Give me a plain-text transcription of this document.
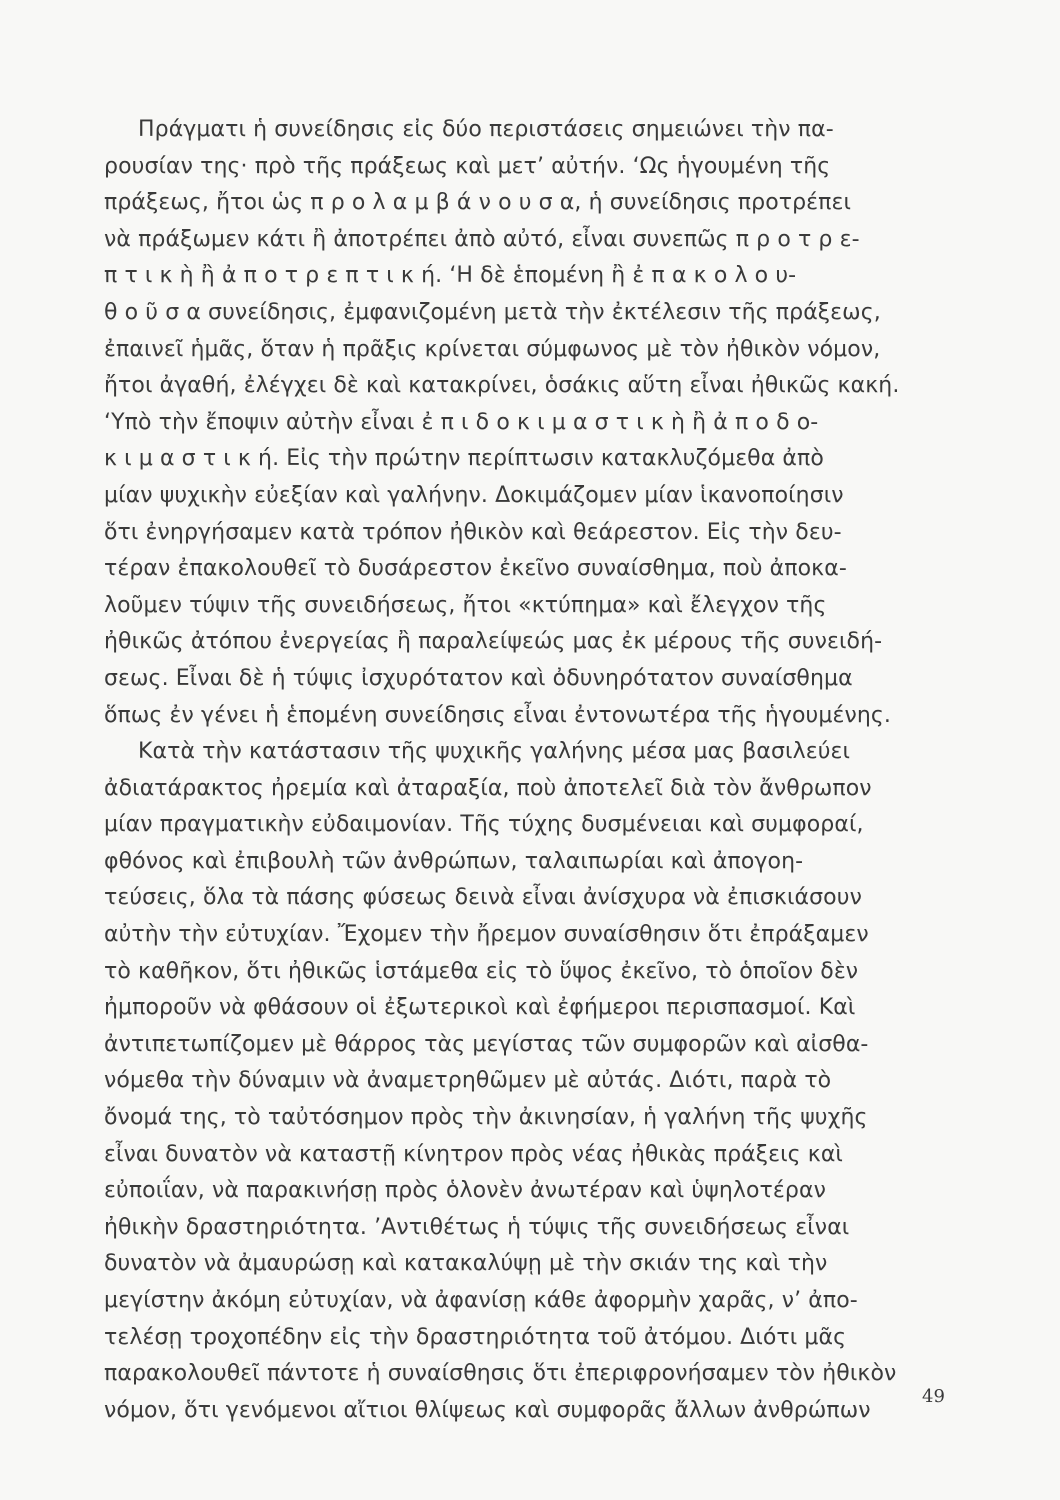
Πράγματι ἡ συνείδησις εἰς δύο περιστάσεις σημειώνει τὴν πα-
ρουσίαν της· πρὸ τῆς πράξεως καὶ μετ’ αὐτήν. ‘Ως ἡγουμένη τῆς
πράξεως, ἤτοι ὡς π ρ ο λ α μ β ά ν ο υ σ α, ἡ συνείδησις προτρέπει
νὰ πράξωμεν κάτι ἢ ἀποτρέπει ἀπὸ αὐτό, εἶναι συνεπῶς π ρ ο τ ρ ε-
π τ ι κ ὴ ἢ ἀ π ο τ ρ ε π τ ι κ ή. ‘Η δὲ ἑπομένη ἢ ἐ π α κ ο λ ο υ-
θ ο ῦ σ α συνείδησις, ἐμφανιζομένη μετὰ τὴν ἐκτέλεσιν τῆς πράξεως,
ἐπαινεῖ ἡμᾶς, ὅταν ἡ πρᾶξις κρίνεται σύμφωνος μὲ τὸν ἠθικὸν νόμον,
ἤτοι ἀγαθή, ἐλέγχει δὲ καὶ κατακρίνει, ὁσάκις αὕτη εἶναι ἠθικῶς κακή.
‘Υπὸ τὴν ἔποψιν αὐτὴν εἶναι ἐ π ι δ ο κ ι μ α σ τ ι κ ὴ ἢ ἀ π ο δ ο-
κ ι μ α σ τ ι κ ή. Εἰς τὴν πρώτην περίπτωσιν κατακλυζόμεθα ἀπὸ
μίαν ψυχικὴν εὐεξίαν καὶ γαλήνην. Δοκιμάζομεν μίαν ἱκανοποίησιν
ὅτι ἐνηργήσαμεν κατὰ τρόπον ἠθικὸν καὶ θεάρεστον. Εἰς τὴν δευ-
τέραν ἐπακολουθεῖ τὸ δυσάρεστον ἐκεῖνο συναίσθημα, ποὺ ἀποκα-
λοῦμεν τύψιν τῆς συνειδήσεως, ἤτοι «κτύπημα» καὶ ἔλεγχον τῆς
ἠθικῶς ἀτόπου ἐνεργείας ἢ παραλείψεώς μας ἐκ μέρους τῆς συνειδή-
σεως. Εἶναι δὲ ἡ τύψις ἰσχυρότατον καὶ ὀδυνηρότατον συναίσθημα
ὅπως ἐν γένει ἡ ἑπομένη συνείδησις εἶναι ἐντονωτέρα τῆς ἡγουμένης.
Κατὰ τὴν κατάστασιν τῆς ψυχικῆς γαλήνης μέσα μας βασιλεύει
ἀδιατάρακτος ἠρεμία καὶ ἀταραξία, ποὺ ἀποτελεῖ διὰ τὸν ἄνθρωπον
μίαν πραγματικὴν εὐδαιμονίαν. Τῆς τύχης δυσμένειαι καὶ συμφοραί,
φθόνος καὶ ἐπιβουλὴ τῶν ἀνθρώπων, ταλαιπωρίαι καὶ ἀπογοη-
τεύσεις, ὅλα τὰ πάσης φύσεως δεινὰ εἶναι ἀνίσχυρα νὰ ἐπισκιάσουν
αὐτὴν τὴν εὐτυχίαν. Ἔχομεν τὴν ἤρεμον συναίσθησιν ὅτι ἐπράξαμεν
τὸ καθῆκον, ὅτι ἠθικῶς ἱστάμεθα εἰς τὸ ὕψος ἐκεῖνο, τὸ ὁποῖον δὲν
ἠμποροῦν νὰ φθάσουν οἱ ἐξωτερικοὶ καὶ ἐφήμεροι περισπασμοί. Καὶ
ἀντιπετωπίζομεν μὲ θάρρος τὰς μεγίστας τῶν συμφορῶν καὶ αἰσθα-
νόμεθα τὴν δύναμιν νὰ ἀναμετρηθῶμεν μὲ αὐτάς. Διότι, παρὰ τὸ
ὄνομά της, τὸ ταὐτόσημον πρὸς τὴν ἀκινησίαν, ἡ γαλήνη τῆς ψυχῆς
εἶναι δυνατὸν νὰ καταστῇ κίνητρον πρὸς νέας ἠθικὰς πράξεις καὶ
εὐποιΐαν, νὰ παρακινήσῃ πρὸς ὁλονὲν ἀνωτέραν καὶ ὑψηλοτέραν
ἠθικὴν δραστηριότητα. ’Αντιθέτως ἡ τύψις τῆς συνειδήσεως εἶναι
δυνατὸν νὰ ἀμαυρώσῃ καὶ κατακαλύψῃ μὲ τὴν σκιάν της καὶ τὴν
μεγίστην ἀκόμη εὐτυχίαν, νὰ ἀφανίσῃ κάθε ἀφορμὴν χαρᾶς, ν’ ἀπο-
τελέσῃ τροχοπέδην εἰς τὴν δραστηριότητα τοῦ ἀτόμου. Διότι μᾶς
παρακολουθεῖ πάντοτε ἡ συναίσθησις ὅτι ἐπεριφρονήσαμεν τὸν ἠθικὸν
νόμον, ὅτι γενόμενοι αἴτιοι θλίψεως καὶ συμφορᾶς ἄλλων ἀνθρώπων
49
